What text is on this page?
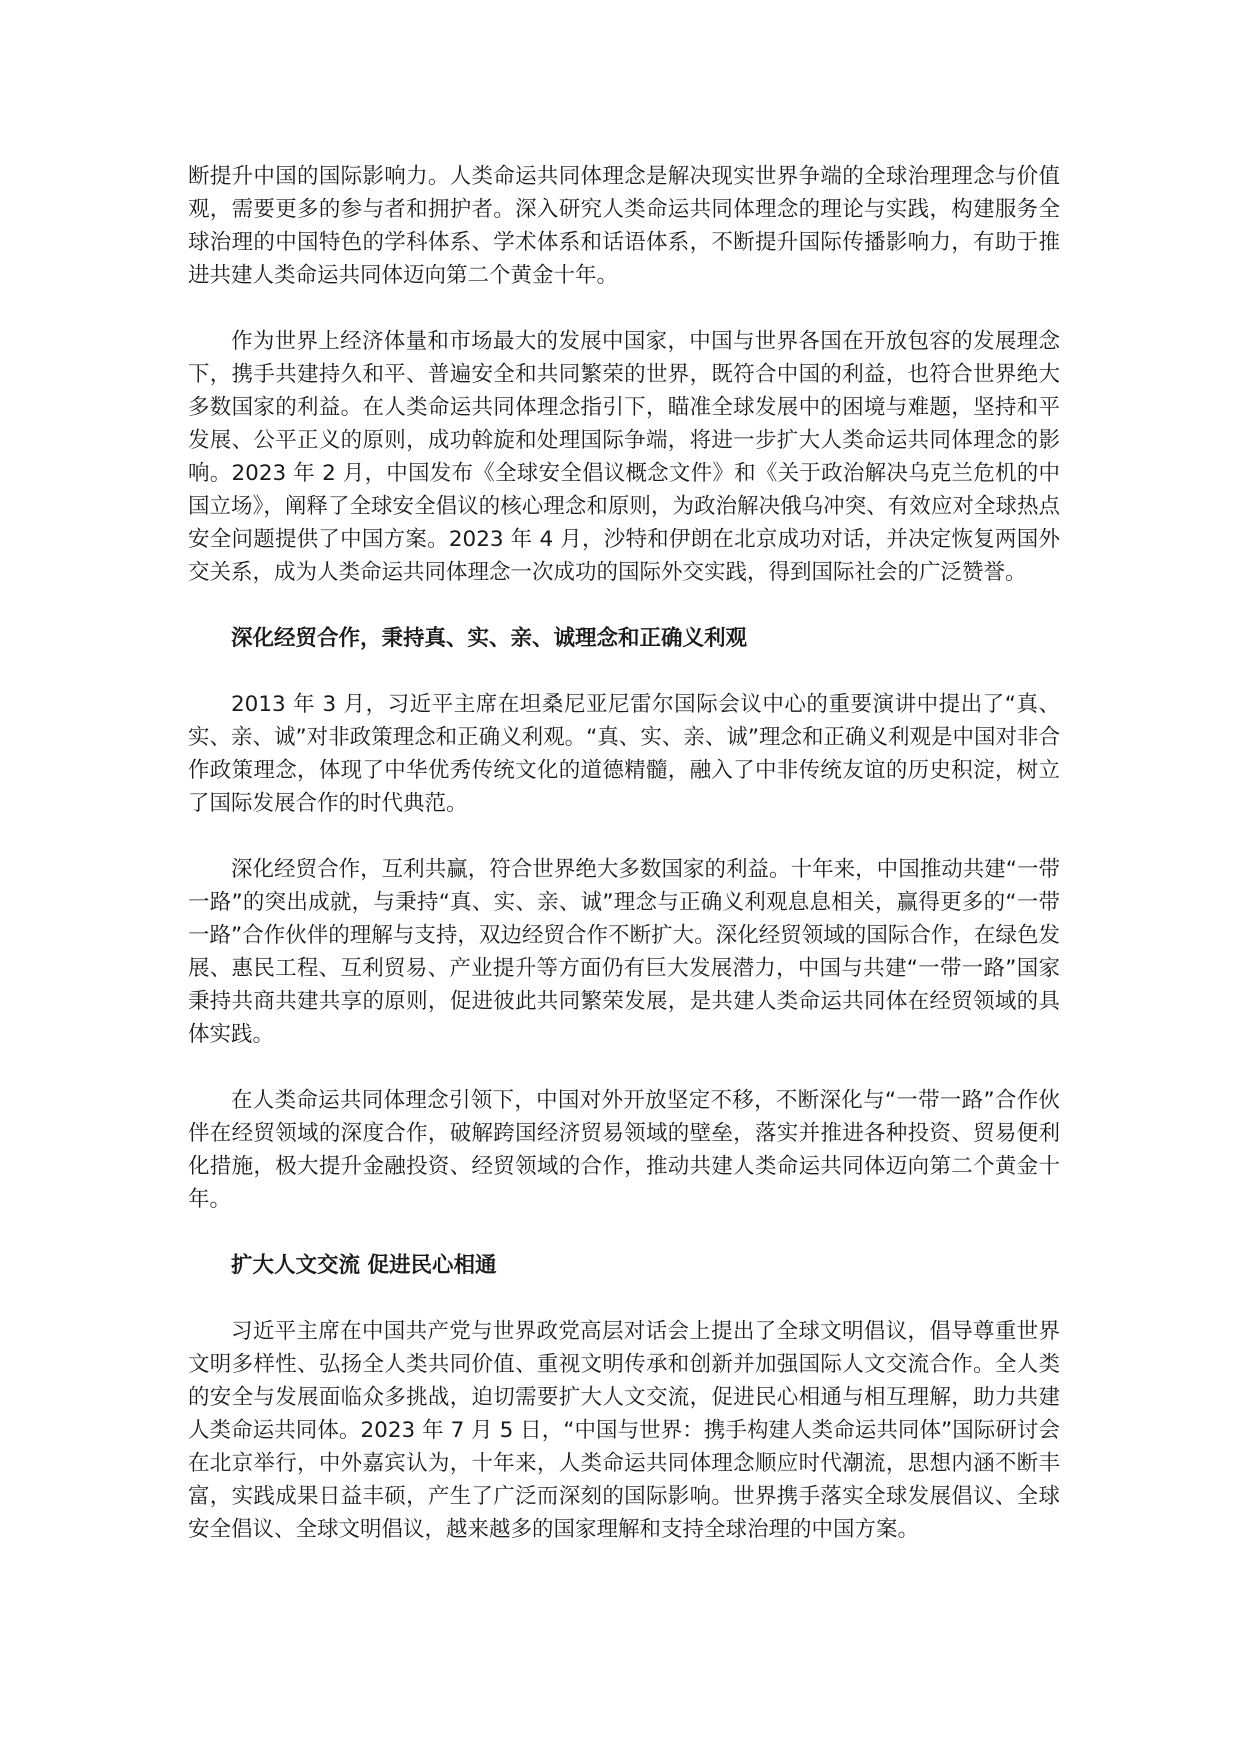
断提升中国的国际影响力。人类命运共同体理念是解决现实世界争端的全球治理理念与价值观，需要更多的参与者和拥护者。深入研究人类命运共同体理念的理论与实践，构建服务全球治理的中国特色的学科体系、学术体系和话语体系，不断提升国际传播影响力，有助于推进共建人类命运共同体迈向第二个黄金十年。

作为世界上经济体量和市场最大的发展中国家，中国与世界各国在开放包容的发展理念下，携手共建持久和平、普遍安全和共同繁荣的世界，既符合中国的利益，也符合世界绝大多数国家的利益。在人类命运共同体理念指引下，瞄准全球发展中的困境与难题，坚持和平发展、公平正义的原则，成功斡旋和处理国际争端，将进一步扩大人类命运共同体理念的影响。2023 年 2 月，中国发布《全球安全倡议概念文件》和《关于政治解决乌克兰危机的中国立场》，阐释了全球安全倡议的核心理念和原则，为政治解决俄乌冲突、有效应对全球热点安全问题提供了中国方案。2023 年 4 月，沙特和伊朗在北京成功对话，并决定恢复两国外交关系，成为人类命运共同体理念一次成功的国际外交实践，得到国际社会的广泛赞誉。

深化经贸合作，秉持真、实、亲、诚理念和正确义利观

2013 年 3 月，习近平主席在坦桑尼亚尼雷尔国际会议中心的重要演讲中提出了“真、实、亲、诚”对非政策理念和正确义利观。“真、实、亲、诚”理念和正确义利观是中国对非合作政策理念，体现了中华优秀传统文化的道德精髓，融入了中非传统友谊的历史积淀，树立了国际发展合作的时代典范。

深化经贸合作，互利共赢，符合世界绝大多数国家的利益。十年来，中国推动共建“一带一路”的突出成就，与秉持“真、实、亲、诚”理念与正确义利观息息相关，赢得更多的“一带一路”合作伙伴的理解与支持，双边经贸合作不断扩大。深化经贸领域的国际合作，在绿色发展、惠民工程、互利贸易、产业提升等方面仍有巨大发展潜力，中国与共建“一带一路”国家秉持共商共建共享的原则，促进彼此共同繁荣发展，是共建人类命运共同体在经贸领域的具体实践。

在人类命运共同体理念引领下，中国对外开放坚定不移，不断深化与“一带一路”合作伙伴在经贸领域的深度合作，破解跨国经济贸易领域的壁垒，落实并推进各种投资、贸易便利化措施，极大提升金融投资、经贸领域的合作，推动共建人类命运共同体迈向第二个黄金十年。

扩大人文交流 促进民心相通

习近平主席在中国共产党与世界政党高层对话会上提出了全球文明倡议，倡导尊重世界文明多样性、弘扬全人类共同价值、重视文明传承和创新并加强国际人文交流合作。全人类的安全与发展面临众多挑战，迫切需要扩大人文交流，促进民心相通与相互理解，助力共建人类命运共同体。2023 年 7 月 5 日，“中国与世界：携手构建人类命运共同体”国际研讨会在北京举行，中外嘉宾认为，十年来，人类命运共同体理念顺应时代潮流，思想内涵不断丰富，实践成果日益丰硕，产生了广泛而深刻的国际影响。世界携手落实全球发展倡议、全球安全倡议、全球文明倡议，越来越多的国家理解和支持全球治理的中国方案。
